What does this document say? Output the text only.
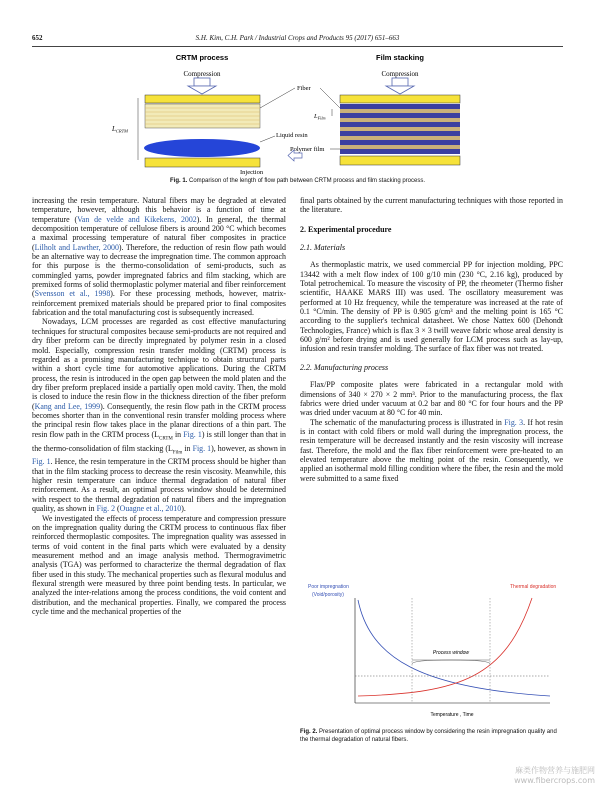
652	S.H. Kim, C.H. Park / Industrial Crops and Products 95 (2017) 651–663
CRTM process	Film stacking
Compression	Compression
$L_{CRTM}$
$L_{Film}$
Fiber
Liquid resin
Polymer film
Injection
Fig. 1. Comparison of the length of flow path between CRTM process and film stacking process.

increasing the resin temperature. Natural fibers may be degraded at elevated temperature, however, although this behavior is a function of time at temperature (Van de velde and Kikekens, 2002). In general, the thermal decomposition temperature of cellulose fibers is around 200 °C which becomes a maximal processing temperature of natural fiber composites in practice (Lilholt and Lawther, 2000). Therefore, the reduction of resin flow path would be an alternative way to decrease the impregnation time. The common approach for this purpose is the thermo-consolidation of semi-products, such as commingled yarns, powder impregnated fabrics and film stacking, which are premixed forms of solid thermoplastic polymer material and fiber reinforcement (Svensson et al., 1998). For these processing methods, however, matrix-reinforcement premixed materials should be prepared prior to final composites fabrication and the total manufacturing cost is subsequently increased.

Nowadays, LCM processes are regarded as cost effective manufacturing techniques for structural composites because semi-products are not required and dry fiber preform can be directly impregnated by polymer resin in a closed mold. Especially, compression resin transfer molding (CRTM) process is regarded as a promising manufacturing technique to obtain structural parts within a short cycle time for automotive applications. During the CRTM process, the resin is introduced in the open gap between the mold platen and the dry fiber preform preplaced inside a partially open mold cavity. Then, the mold is closed to induce the resin flow in the thickness direction of the fiber preform (Kang and Lee, 1999). Consequently, the resin flow path in the CRTM process becomes shorter than in the conventional resin transfer molding process where the principal resin flow takes place in the planar directions of a thin part. The resin flow path in the CRTM process ($L_{CRTM}$ in Fig. 1) is still longer than that in the thermo-consolidation of film stacking ($L_{Film}$ in Fig. 1), however, as shown in Fig. 1. Hence, the resin temperature in the CRTM process should be higher than that in the film stacking process to decrease the resin viscosity. Meanwhile, this higher resin temperature can induce thermal degradation of natural fiber reinforcement. As a result, an optimal process window should be determined with respect to the thermal degradation of natural fibers and the impregnation quality, as shown in Fig. 2 (Ouagne et al., 2010).

We investigated the effects of process temperature and compression pressure on the impregnation quality during the CRTM process to continuous flax fiber reinforced thermoplastic composites. The impregnation quality was assessed in terms of void content in the final parts which were evaluated by a density measurement method and an image analysis method. Thermogravimetric analysis (TGA) was performed to characterize the thermal degradation of flax fiber used in this study. The mechanical properties such as flexural modulus and flexural strength were measured by three point bending tests. In particular, we analyzed the inter-relations among the process conditions, the void content and distribution, and the mechanical properties. Finally, we compared the process cycle time and the mechanical properties of the

final parts obtained by the current manufacturing techniques with those reported in the literature.

2. Experimental procedure
2.1. Materials

As thermoplastic matrix, we used commercial PP for injection molding, PPC 13442 with a melt flow index of 100 g/10 min (230 °C, 2.16 kg), produced by Total petrochemical. To measure the viscosity of PP, the rheometer (Thermo fisher scientific, HAAKE MARS III) was used. The oscillatory measurement was performed at 10 Hz frequency, while the temperature was increased at the rate of 0.1 °C/min. The density of PP is 0.905 g/cm³ and the melting point is 165 °C according to the supplier's technical datasheet. We chose Nattex 600 (Dehondt Technologies, France) which is flax 3 × 3 twill weave fabric whose areal density is 600 g/m² before drying and is used generally for LCM process such as lay-up, infusion and resin transfer molding. The surface of flax fiber was not treated.

2.2. Manufacturing process

Flax/PP composite plates were fabricated in a rectangular mold with dimensions of 340 × 270 × 2 mm³. Prior to the manufacturing process, the flax fabrics were dried under vacuum at 0.2 bar and 80 °C for four hours and the PP was dried under vacuum at 80 °C for 40 min.

The schematic of the manufacturing process is illustrated in Fig. 3. If hot resin is in contact with cold fibers or mold wall during the impregnation process, the resin temperature will be decreased instantly and the resin viscosity will increase fast. Therefore, the mold and the flax fiber reinforcement were pre-heated to an elevated temperature above the melting point of the resin. Consequently, we applied an isothermal mold filling condition where the fiber, the resin and the mold were submitted to a same fixed

Poor impregnation
(Void/porosity)
Thermal degradation
Process window
Temperature , Time
Fig. 2. Presentation of optimal process window by considering the resin impregnation quality and the thermal degradation of natural fibers.
麻类作物营养与施肥网
www.fibercrops.com
